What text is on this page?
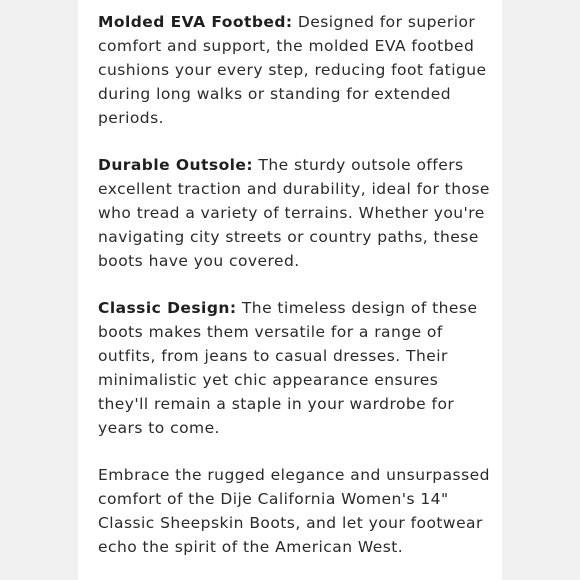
Molded EVA Footbed: Designed for superior comfort and support, the molded EVA footbed cushions your every step, reducing foot fatigue during long walks or standing for extended periods.

Durable Outsole: The sturdy outsole offers excellent traction and durability, ideal for those who tread a variety of terrains. Whether you're navigating city streets or country paths, these boots have you covered.

Classic Design: The timeless design of these boots makes them versatile for a range of outfits, from jeans to casual dresses. Their minimalistic yet chic appearance ensures they'll remain a staple in your wardrobe for years to come.

Embrace the rugged elegance and unsurpassed comfort of the Dije California Women's 14" Classic Sheepskin Boots, and let your footwear echo the spirit of the American West.
